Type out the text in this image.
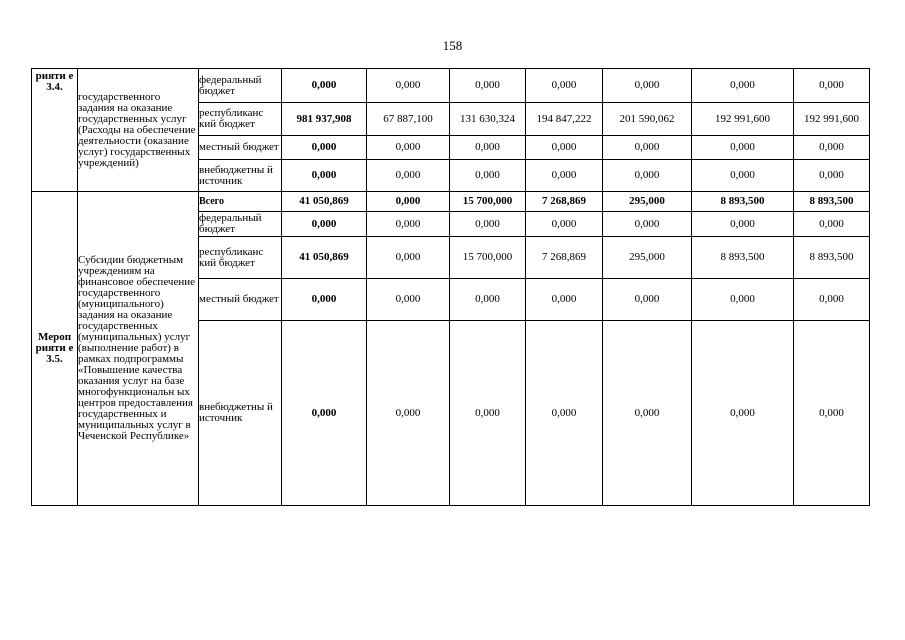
158
рияти е 3.4.	государственного задания на оказание государственных услуг (Расходы на обеспечение деятельности (оказание услуг) государственных учреждений)	федеральный бюджет	0,000	0,000	0,000	0,000	0,000	0,000	0,000
		республиканс кий бюджет	981 937,908	67 887,100	131 630,324	194 847,222	201 590,062	192 991,600	192 991,600
		местный бюджет	0,000	0,000	0,000	0,000	0,000	0,000	0,000
		внебюджетны й источник	0,000	0,000	0,000	0,000	0,000	0,000	0,000

Мероп рияти е 3.5.	Субсидии бюджетным учреждениям на финансовое обеспечение государственного (муниципального) задания на оказание государственных (муниципальных) услуг (выполнение работ) в рамках подпрограммы «Повышение качества оказания услуг на базе многофункциональн ых центров предоставления государственных и муниципальных услуг в Чеченской Республике»	Всего	41 050,869	0,000	15 700,000	7 268,869	295,000	8 893,500	8 893,500
		федеральный бюджет	0,000	0,000	0,000	0,000	0,000	0,000	0,000
		республиканс кий бюджет	41 050,869	0,000	15 700,000	7 268,869	295,000	8 893,500	8 893,500
		местный бюджет	0,000	0,000	0,000	0,000	0,000	0,000	0,000
		внебюджетны й источник	0,000	0,000	0,000	0,000	0,000	0,000	0,000
